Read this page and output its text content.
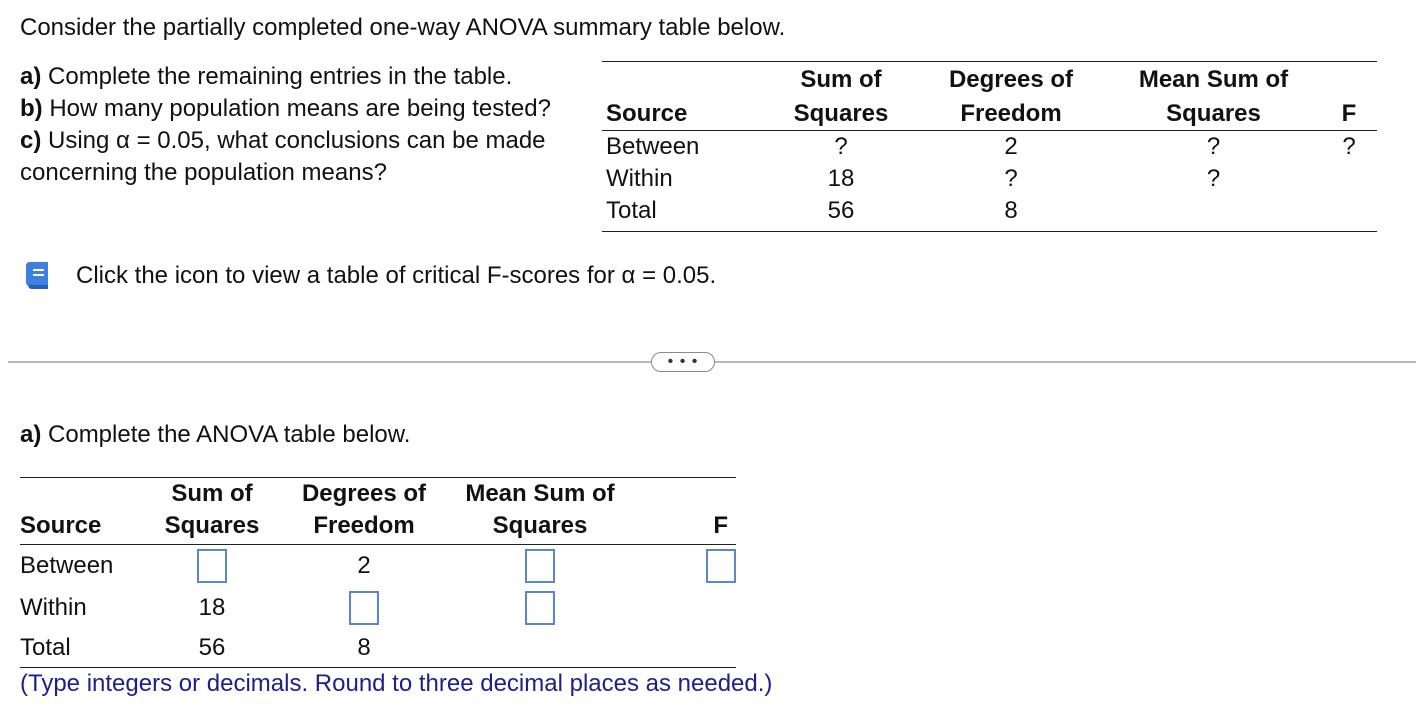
Consider the partially completed one-way ANOVA summary table below.
a) Complete the remaining entries in the table.
b) How many population means are being tested?
c) Using α = 0.05, what conclusions can be made concerning the population means?
	Sum of	Degrees of	Mean Sum of	
Source	Squares	Freedom	Squares	F
Between	?	2	?	?
Within	18	?	?	
Total	56	8		
Click the icon to view a table of critical F-scores for α = 0.05.
• • •
a) Complete the ANOVA table below.
	Sum of	Degrees of	Mean Sum of	
Source	Squares	Freedom	Squares	F
Between		2		
Within	18			
Total	56	8		
(Type integers or decimals. Round to three decimal places as needed.)
